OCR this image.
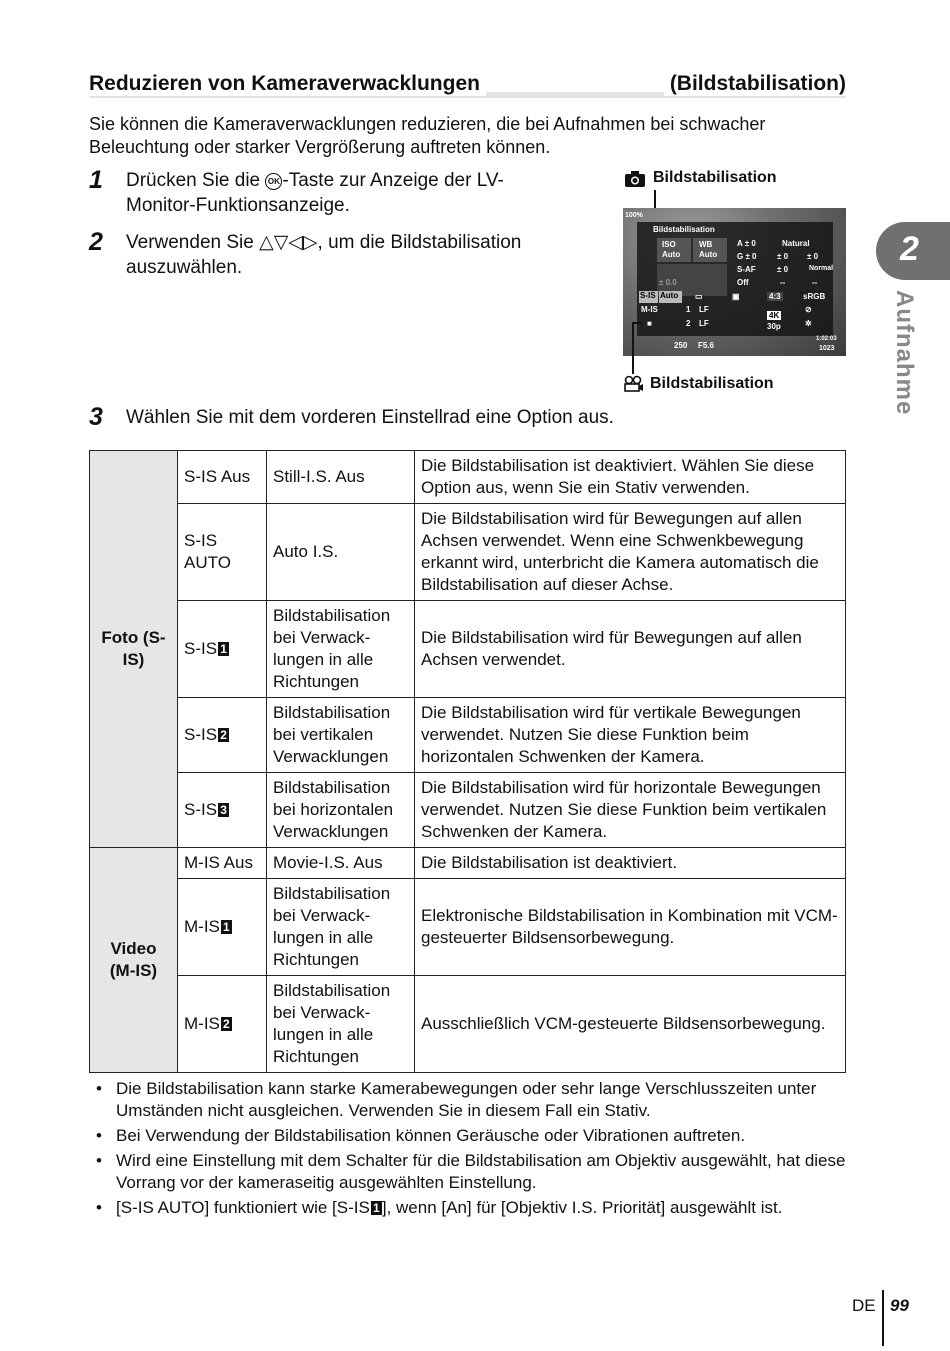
Reduzieren von Kameraverwacklungen	(Bildstabilisation)
Sie können die Kameraverwacklungen reduzieren, die bei Aufnahmen bei schwacher Beleuchtung oder starker Vergrößerung auftreten können.
1 Drücken Sie die OK -Taste zur Anzeige der LV-Monitor-Funktionsanzeige.
2 Verwenden Sie △▽◁▷, um die Bildstabilisation auszuwählen.
3 Wählen Sie mit dem vorderen Einstellrad eine Option aus.
Bildstabilisation
100%
Bildstabilisation
ISO
Auto
WB
Auto
A ± 0	Natural
G ± 0	± 0 ± 0
S-AF	± 0	Normal
± 0.0	Off	--	--
S-IS Auto	▭	▣	4:3	sRGB
M-IS	1 LF	⊘
■	2 LF
4K
30p	✲
250 F5.6
1:02:03
1023
Bildstabilisation
Foto (S-IS)	S-IS Aus	Still-I.S. Aus	Die Bildstabilisation ist deaktiviert. Wählen Sie diese Option aus, wenn Sie ein Stativ verwenden.
	S-IS AUTO	Auto I.S.	Die Bildstabilisation wird für Bewegungen auf allen Achsen verwendet. Wenn eine Schwenkbewegung erkannt wird, unterbricht die Kamera automatisch die Bildstabilisation auf dieser Achse.
	S-IS 1	Bildstabilisation bei Verwack-lungen in alle Richtungen	Die Bildstabilisation wird für Bewegungen auf allen Achsen verwendet.
	S-IS 2	Bildstabilisation bei vertikalen Verwacklungen	Die Bildstabilisation wird für vertikale Bewegungen verwendet. Nutzen Sie diese Funktion beim horizontalen Schwenken der Kamera.
	S-IS 3	Bildstabilisation bei horizontalen Verwacklungen	Die Bildstabilisation wird für horizontale Bewegungen verwendet. Nutzen Sie diese Funktion beim vertikalen Schwenken der Kamera.
Video (M-IS)	M-IS Aus	Movie-I.S. Aus	Die Bildstabilisation ist deaktiviert.
	M-IS 1	Bildstabilisation bei Verwack-lungen in alle Richtungen	Elektronische Bildstabilisation in Kombination mit VCM-gesteuerter Bildsensorbewegung.
	M-IS 2	Bildstabilisation bei Verwack-lungen in alle Richtungen	Ausschließlich VCM-gesteuerte Bildsensorbewegung.
• Die Bildstabilisation kann starke Kamerabewegungen oder sehr lange Verschlusszeiten unter Umständen nicht ausgleichen. Verwenden Sie in diesem Fall ein Stativ.
• Bei Verwendung der Bildstabilisation können Geräusche oder Vibrationen auftreten.
• Wird eine Einstellung mit dem Schalter für die Bildstabilisation am Objektiv ausgewählt, hat diese Vorrang vor der kameraseitig ausgewählten Einstellung.
• [S-IS AUTO] funktioniert wie [S-IS 1 ], wenn [An] für [Objektiv I.S. Priorität] ausgewählt ist.
2
Aufnahme
DE 99
